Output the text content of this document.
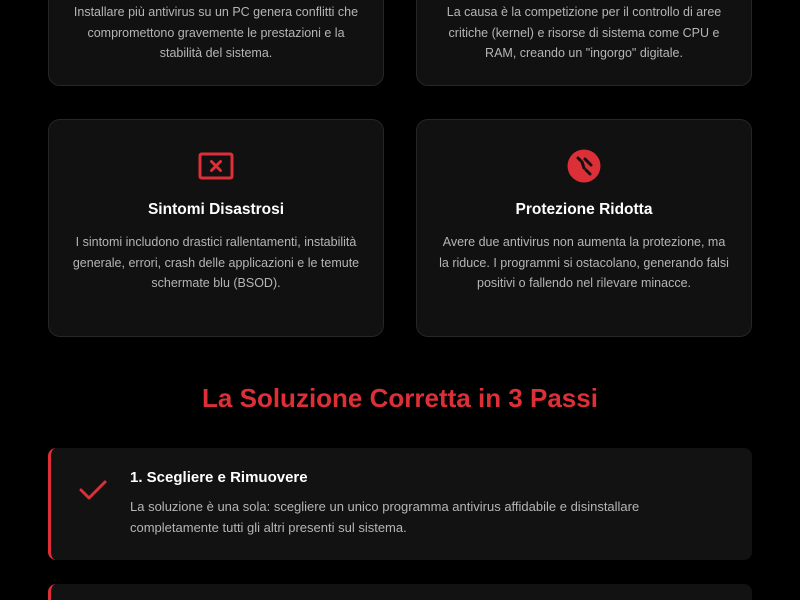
Installare più antivirus su un PC genera conflitti che compromettono gravemente le prestazioni e la stabilità del sistema.

La causa è la competizione per il controllo di aree critiche (kernel) e risorse di sistema come CPU e RAM, creando un "ingorgo" digitale.

Sintomi Disastrosi

I sintomi includono drastici rallentamenti, instabilità generale, errori, crash delle applicazioni e le temute schermate blu (BSOD).

Protezione Ridotta

Avere due antivirus non aumenta la protezione, ma la riduce. I programmi si ostacolano, generando falsi positivi o fallendo nel rilevare minacce.

La Soluzione Corretta in 3 Passi
1. Scegliere e Rimuovere

La soluzione è una sola: scegliere un unico programma antivirus affidabile e disinstallare completamente tutti gli altri presenti sul sistema.
